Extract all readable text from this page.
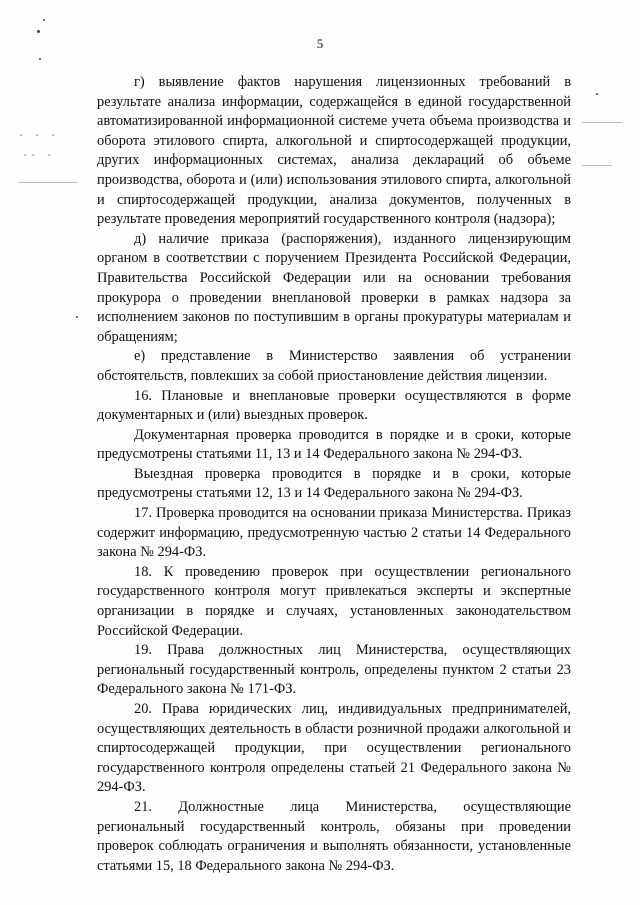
- - -
-- -
5

г) выявление фактов нарушения лицензионных требований в результате анализа информации, содержащейся в единой государственной автоматизированной информационной системе учета объема производства и оборота этилового спирта, алкогольной и спиртосодержащей продукции, других информационных системах, анализа деклараций об объеме производства, оборота и (или) использования этилового спирта, алкогольной и спиртосодержащей продукции, анализа документов, полученных в результате проведения мероприятий государственного контроля (надзора);

д) наличие приказа (распоряжения), изданного лицензирующим органом в соответствии с поручением Президента Российской Федерации, Правительства Российской Федерации или на основании требования прокурора о проведении внеплановой проверки в рамках надзора за исполнением законов по поступившим в органы прокуратуры материалам и обращениям;

е) представление в Министерство заявления об устранении обстоятельств, повлекших за собой приостановление действия лицензии.

16. Плановые и внеплановые проверки осуществляются в форме документарных и (или) выездных проверок.

Документарная проверка проводится в порядке и в сроки, которые предусмотрены статьями 11, 13 и 14 Федерального закона № 294-ФЗ.

Выездная проверка проводится в порядке и в сроки, которые предусмотрены статьями 12, 13 и 14 Федерального закона № 294-ФЗ.

17. Проверка проводится на основании приказа Министерства. Приказ содержит информацию, предусмотренную частью 2 статьи 14 Федерального закона № 294-ФЗ.

18. К проведению проверок при осуществлении регионального государственного контроля могут привлекаться эксперты и экспертные организации в порядке и случаях, установленных законодательством Российской Федерации.

19. Права должностных лиц Министерства, осуществляющих региональный государственный контроль, определены пунктом 2 статьи 23 Федерального закона № 171-ФЗ.

20. Права юридических лиц, индивидуальных предпринимателей, осуществляющих деятельность в области розничной продажи алкогольной и спиртосодержащей продукции, при осуществлении регионального государственного контроля определены статьей 21 Федерального закона № 294-ФЗ.

21. Должностные лица Министерства, осуществляющие региональный государственный контроль, обязаны при проведении проверок соблюдать ограничения и выполнять обязанности, установленные статьями 15, 18 Федерального закона № 294-ФЗ.
